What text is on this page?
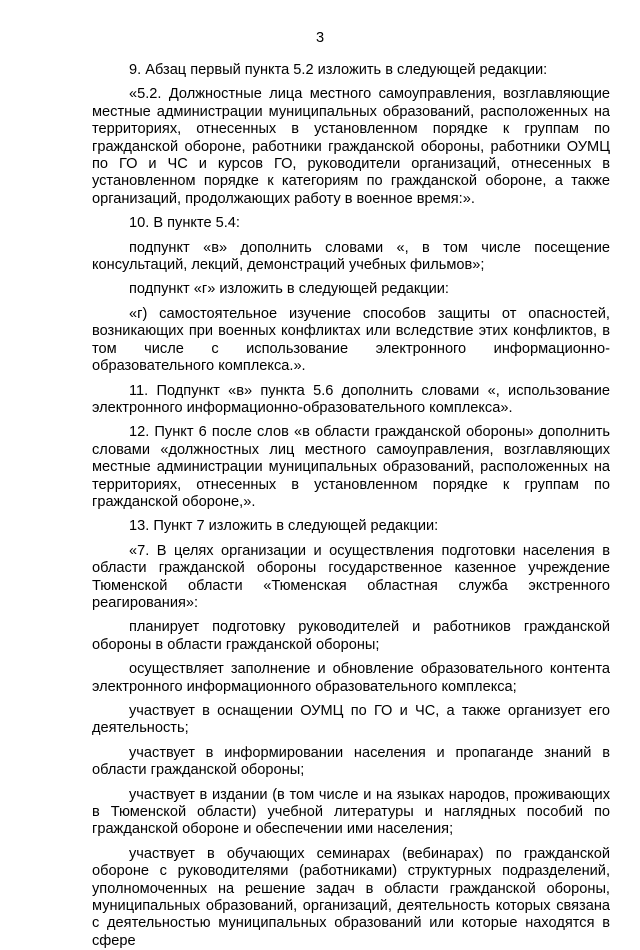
3

9. Абзац первый пункта 5.2 изложить в следующей редакции:

«5.2. Должностные лица местного самоуправления, возглавляющие местные администрации муниципальных образований, расположенных на территориях, отнесенных в установленном порядке к группам по гражданской обороне, работники гражданской обороны, работники ОУМЦ по ГО и ЧС и курсов ГО, руководители организаций, отнесенных в установленном порядке к категориям по гражданской обороне, а также организаций, продолжающих работу в военное время:».

10. В пункте 5.4:

подпункт «в» дополнить словами «, в том числе посещение консультаций, лекций, демонстраций учебных фильмов»;

подпункт «г» изложить в следующей редакции:

«г) самостоятельное изучение способов защиты от опасностей, возникающих при военных конфликтах или вследствие этих конфликтов, в том числе с использование электронного информационно-образовательного комплекса.».

11. Подпункт «в» пункта 5.6 дополнить словами «, использование электронного информационно-образовательного комплекса».

12. Пункт 6 после слов «в области гражданской обороны» дополнить словами «должностных лиц местного самоуправления, возглавляющих местные администрации муниципальных образований, расположенных на территориях, отнесенных в установленном порядке к группам по гражданской обороне,».

13. Пункт 7 изложить в следующей редакции:

«7. В целях организации и осуществления подготовки населения в области гражданской обороны государственное казенное учреждение Тюменской области «Тюменская областная служба экстренного реагирования»:

планирует подготовку руководителей и работников гражданской обороны в области гражданской обороны;

осуществляет заполнение и обновление образовательного контента электронного информационного образовательного комплекса;

участвует в оснащении ОУМЦ по ГО и ЧС, а также организует его деятельность;

участвует в информировании населения и пропаганде знаний в области гражданской обороны;

участвует в издании (в том числе и на языках народов, проживающих в Тюменской области) учебной литературы и наглядных пособий по гражданской обороне и обеспечении ими населения;

участвует в обучающих семинарах (вебинарах) по гражданской обороне с руководителями (работниками) структурных подразделений, уполномоченных на решение задач в области гражданской обороны, муниципальных образований, организаций, деятельность которых связана с деятельностью муниципальных образований или которые находятся в сфере
